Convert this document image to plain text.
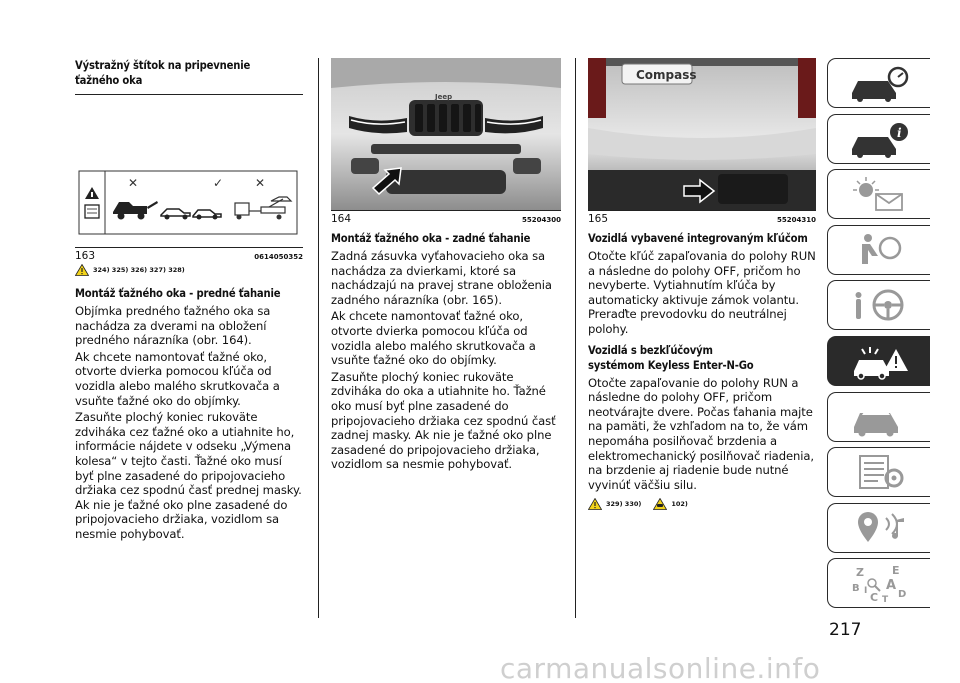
Výstražný štítok na pripevnenie ťažného oka
✕	✓	✕
163	0614050352
324) 325) 326) 327) 328)
Montáž ťažného oka - predné ťahanie

Objímka predného ťažného oka sa nachádza za dverami na obložení predného nárazníka (obr. 164).

Ak chcete namontovať ťažné oko, otvorte dvierka pomocou kľúča od vozidla alebo malého skrutkovača a vsuňte ťažné oko do objímky.

Zasuňte plochý koniec rukoväte zdviháka cez ťažné oko a utiahnite ho, informácie nájdete v odseku „Výmena kolesa“ v tejto časti. Ťažné oko musí byť plne zasadené do pripojovacieho držiaka cez spodnú časť prednej masky. Ak nie je ťažné oko plne zasadené do pripojovacieho držiaka, vozidlom sa nesmie pohybovať.

Jeep
164	55204300
Montáž ťažného oka - zadné ťahanie

Zadná zásuvka vyťahovacieho oka sa nachádza za dvierkami, ktoré sa nachádzajú na pravej strane obloženia zadného nárazníka (obr. 165).

Ak chcete namontovať ťažné oko, otvorte dvierka pomocou kľúča od vozidla alebo malého skrutkovača a vsuňte ťažné oko do objímky.

Zasuňte plochý koniec rukoväte zdviháka do oka a utiahnite ho. Ťažné oko musí byť plne zasadené do pripojovacieho držiaka cez spodnú časť zadnej masky. Ak nie je ťažné oko plne zasadené do pripojovacieho držiaka, vozidlom sa nesmie pohybovať.

Compass
165	55204310
Vozidlá vybavené integrovaným kľúčom

Otočte kľúč zapaľovania do polohy RUN a následne do polohy OFF, pričom ho nevyberte. Vytiahnutím kľúča by automaticky aktivuje zámok volantu. Preraďte prevodovku do neutrálnej polohy.

Vozidlá s bezkľúčovým systémom Keyless Enter-N-Go

Otočte zapaľovanie do polohy RUN a následne do polohy OFF, pričom neotvárajte dvere. Počas ťahania majte na pamäti, že vzhľadom na to, že vám nepomáha posilňovač brzdenia a elektromechanický posilňovač riadenia, na brzdenie aj riadenie bude nutné vyvinúť väčšiu silu.

329) 330)	102)
i
Z	E
B
C
A
D
I
T
217
carmanualsonline.info
